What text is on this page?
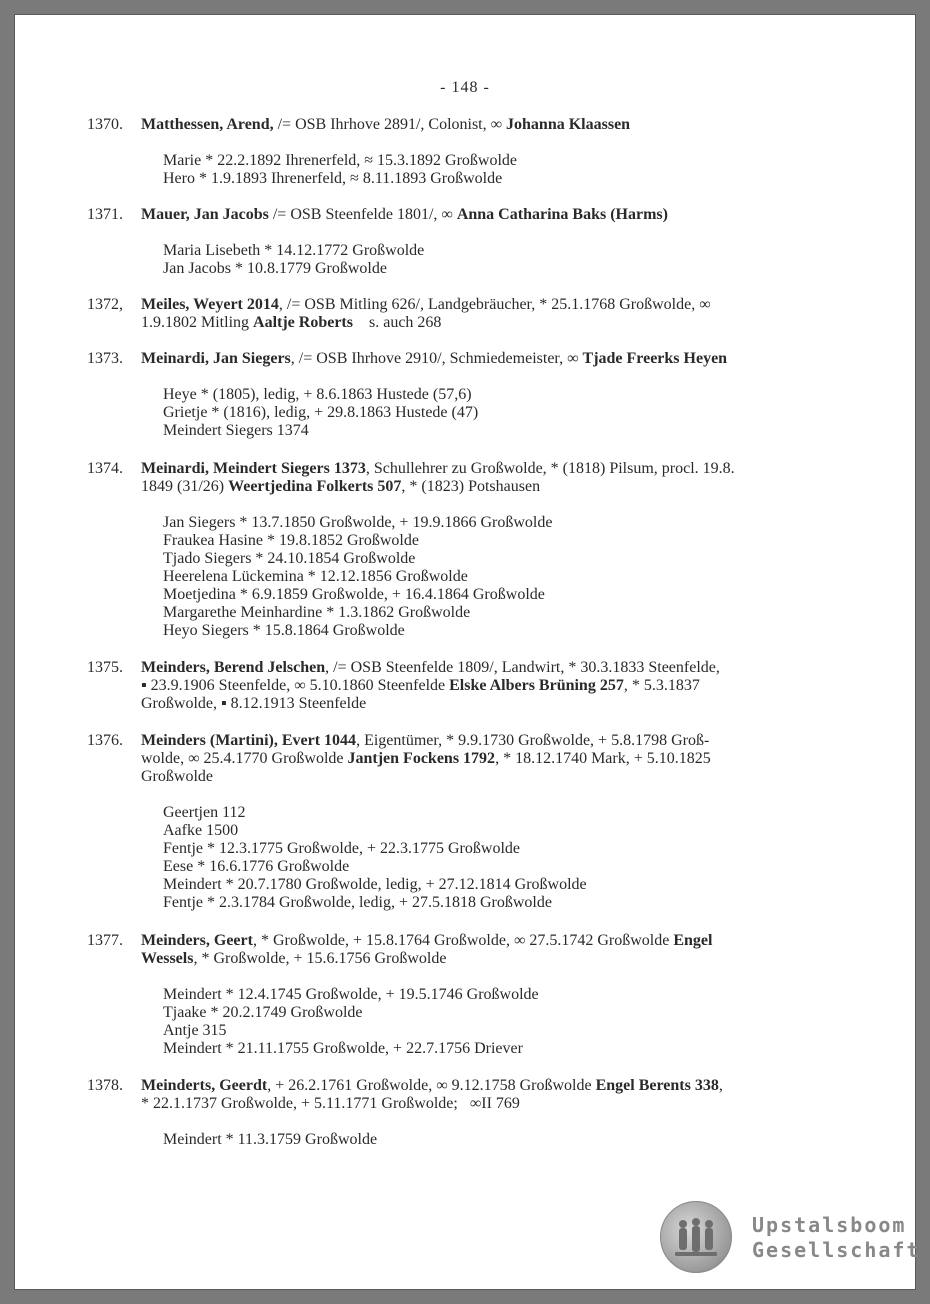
- 148 -
1370. Matthessen, Arend, /= OSB Ihrhove 2891/, Colonist, ∞ Johanna Klaassen
Marie * 22.2.1892 Ihrenerfeld, ≈ 15.3.1892 Großwolde
Hero * 1.9.1893 Ihrenerfeld, ≈ 8.11.1893 Großwolde
1371. Mauer, Jan Jacobs /= OSB Steenfelde 1801/, ∞ Anna Catharina Baks (Harms)
Maria Lisebeth * 14.12.1772 Großwolde
Jan Jacobs * 10.8.1779 Großwolde
1372, Meiles, Weyert 2014, /= OSB Mitling 626/, Landgebräucher, * 25.1.1768 Großwolde, ∞
1.9.1802 Mitling Aaltje Roberts    s. auch 268
1373. Meinardi, Jan Siegers, /= OSB Ihrhove 2910/, Schmiedemeister, ∞ Tjade Freerks Heyen
Heye * (1805), ledig, + 8.6.1863 Hustede (57,6)
Grietje * (1816), ledig, + 29.8.1863 Hustede (47)
Meindert Siegers 1374
1374. Meinardi, Meindert Siegers 1373, Schullehrer zu Großwolde, * (1818) Pilsum, procl. 19.8.
1849 (31/26) Weertjedina Folkerts 507, * (1823) Potshausen
Jan Siegers * 13.7.1850 Großwolde, + 19.9.1866 Großwolde
Fraukea Hasine * 19.8.1852 Großwolde
Tjado Siegers * 24.10.1854 Großwolde
Heerelena Lückemina * 12.12.1856 Großwolde
Moetjedina * 6.9.1859 Großwolde, + 16.4.1864 Großwolde
Margarethe Meinhardine * 1.3.1862 Großwolde
Heyo Siegers * 15.8.1864 Großwolde
1375. Meinders, Berend Jelschen, /= OSB Steenfelde 1809/, Landwirt, * 30.3.1833 Steenfelde,
▪ 23.9.1906 Steenfelde, ∞ 5.10.1860 Steenfelde Elske Albers Brüning 257, * 5.3.1837
Großwolde, ▪ 8.12.1913 Steenfelde
1376. Meinders (Martini), Evert 1044, Eigentümer, * 9.9.1730 Großwolde, + 5.8.1798 Groß-
wolde, ∞ 25.4.1770 Großwolde Jantjen Fockens 1792, * 18.12.1740 Mark, + 5.10.1825
Großwolde
Geertjen 112
Aafke 1500
Fentje * 12.3.1775 Großwolde, + 22.3.1775 Großwolde
Eese * 16.6.1776 Großwolde
Meindert * 20.7.1780 Großwolde, ledig, + 27.12.1814 Großwolde
Fentje * 2.3.1784 Großwolde, ledig, + 27.5.1818 Großwolde
1377. Meinders, Geert, * Großwolde, + 15.8.1764 Großwolde, ∞ 27.5.1742 Großwolde Engel
Wessels, * Großwolde, + 15.6.1756 Großwolde
Meindert * 12.4.1745 Großwolde, + 19.5.1746 Großwolde
Tjaake * 20.2.1749 Großwolde
Antje 315
Meindert * 21.11.1755 Großwolde, + 22.7.1756 Driever
1378. Meinderts, Geerdt, + 26.2.1761 Großwolde, ∞ 9.12.1758 Großwolde Engel Berents 338,
* 22.1.1737 Großwolde, + 5.11.1771 Großwolde;   ∞II 769
Meindert * 11.3.1759 Großwolde
Upstalsboom
Gesellschaft
